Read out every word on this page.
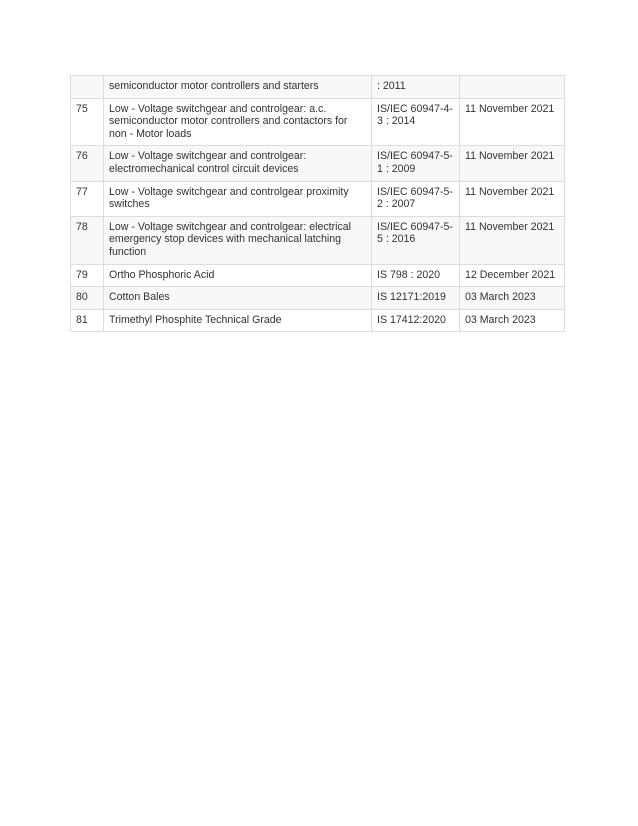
	semiconductor motor controllers and starters	: 2011	
75	Low - Voltage switchgear and controlgear: a.c. semiconductor motor controllers and contactors for non - Motor loads	IS/IEC 60947-4-3 : 2014	11 November 2021
76	Low - Voltage switchgear and controlgear: electromechanical control circuit devices	IS/IEC 60947-5-1 : 2009	11 November 2021
77	Low - Voltage switchgear and controlgear proximity switches	IS/IEC 60947-5-2 : 2007	11 November 2021
78	Low - Voltage switchgear and controlgear: electrical emergency stop devices with mechanical latching function	IS/IEC 60947-5-5 : 2016	11 November 2021
79	Ortho Phosphoric Acid	IS 798 : 2020	12 December 2021
80	Cotton Bales	IS 12171:2019	03 March 2023
81	Trimethyl Phosphite Technical Grade	IS 17412:2020	03 March 2023
